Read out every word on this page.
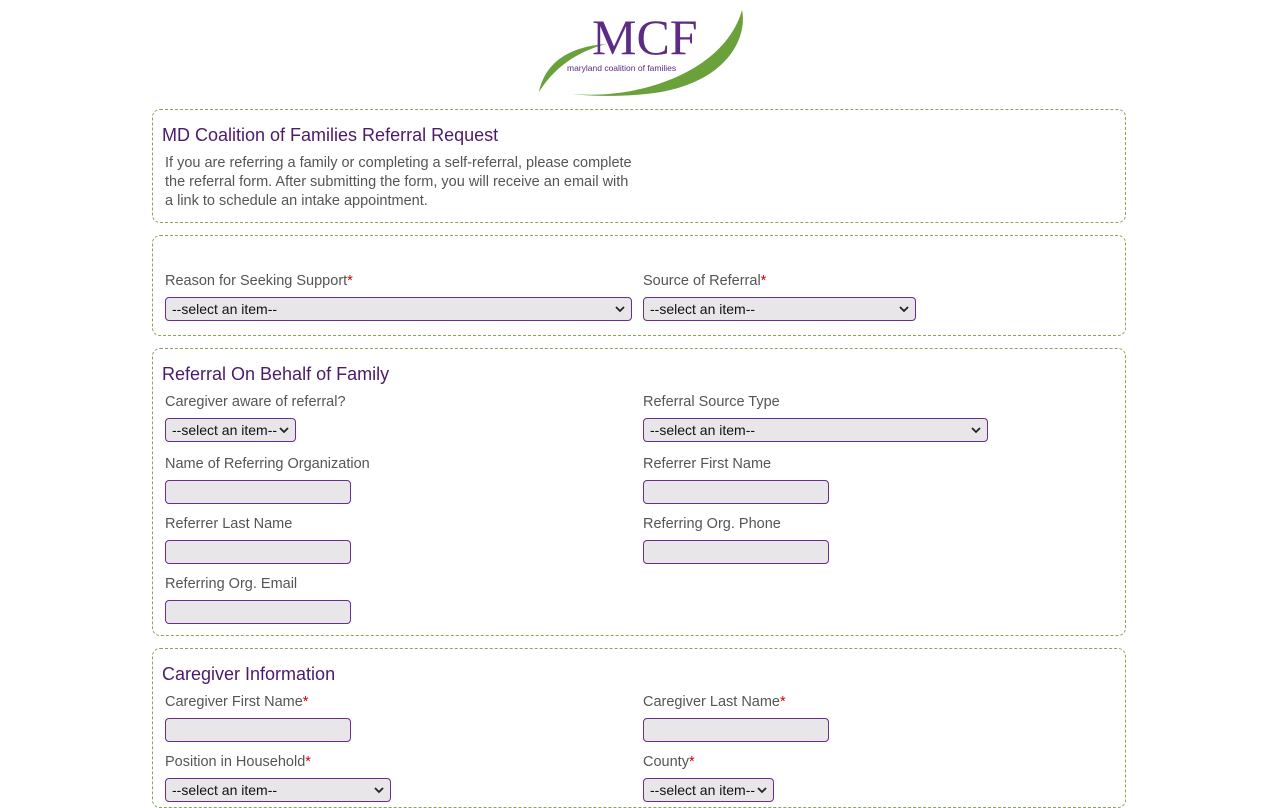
MCF
maryland coalition of families
MD Coalition of Families Referral Request
If you are referring a family or completing a self-referral, please complete the referral form. After submitting the form, you will receive an email with a link to schedule an intake appointment.
Reason for Seeking Support*
--select an item--
Source of Referral*
--select an item--
Referral On Behalf of Family
Caregiver aware of referral?
--select an item--
Referral Source Type
--select an item--
Name of Referring Organization	Referrer First Name
Referrer Last Name	Referring Org. Phone
Referring Org. Email
Caregiver Information
Caregiver First Name*	Caregiver Last Name*
Position in Household*
--select an item--
County*
--select an item--
